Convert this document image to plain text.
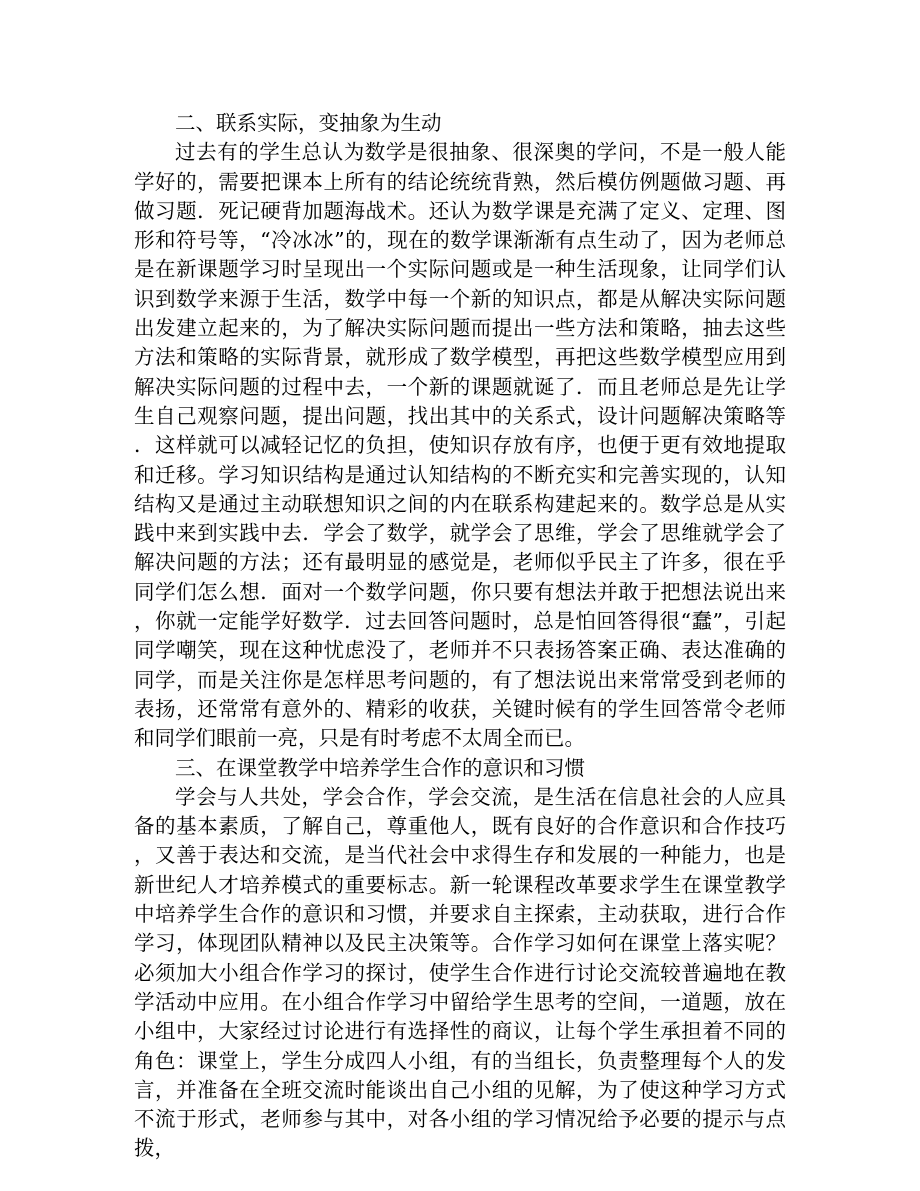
二、联系实际，变抽象为生动

过去有的学生总认为数学是很抽象、很深奥的学问，不是一般人能学好的，需要把课本上所有的结论统统背熟，然后模仿例题做习题、再做习题．死记硬背加题海战术。还认为数学课是充满了定义、定理、图形和符号等，“冷冰冰”的，现在的数学课渐渐有点生动了，因为老师总是在新课题学习时呈现出一个实际问题或是一种生活现象，让同学们认识到数学来源于生活，数学中每一个新的知识点，都是从解决实际问题出发建立起来的，为了解决实际问题而提出一些方法和策略，抽去这些方法和策略的实际背景，就形成了数学模型，再把这些数学模型应用到解决实际问题的过程中去，一个新的课题就诞了．而且老师总是先让学生自己观察问题，提出问题，找出其中的关系式，设计问题解决策略等．这样就可以减轻记忆的负担，使知识存放有序，也便于更有效地提取和迁移。学习知识结构是通过认知结构的不断充实和完善实现的，认知结构又是通过主动联想知识之间的内在联系构建起来的。数学总是从实践中来到实践中去．学会了数学，就学会了思维，学会了思维就学会了解决问题的方法；还有最明显的感觉是，老师似乎民主了许多，很在乎同学们怎么想．面对一个数学问题，你只要有想法并敢于把想法说出来，你就一定能学好数学．过去回答问题时，总是怕回答得很“蠢”，引起同学嘲笑，现在这种忧虑没了，老师并不只表扬答案正确、表达准确的同学，而是关注你是怎样思考问题的，有了想法说出来常常受到老师的表扬，还常常有意外的、精彩的收获，关键时候有的学生回答常令老师和同学们眼前一亮，只是有时考虑不太周全而已。

三、在课堂教学中培养学生合作的意识和习惯

学会与人共处，学会合作，学会交流，是生活在信息社会的人应具备的基本素质，了解自己，尊重他人，既有良好的合作意识和合作技巧，又善于表达和交流，是当代社会中求得生存和发展的一种能力，也是新世纪人才培养模式的重要标志。新一轮课程改革要求学生在课堂教学中培养学生合作的意识和习惯，并要求自主探索，主动获取，进行合作学习，体现团队精神以及民主决策等。合作学习如何在课堂上落实呢？必须加大小组合作学习的探讨，使学生合作进行讨论交流较普遍地在教学活动中应用。在小组合作学习中留给学生思考的空间，一道题，放在小组中，大家经过讨论进行有选择性的商议，让每个学生承担着不同的角色：课堂上，学生分成四人小组，有的当组长，负责整理每个人的发言，并准备在全班交流时能谈出自己小组的见解，为了使这种学习方式不流于形式，老师参与其中，对各小组的学习情况给予必要的提示与点拨，
